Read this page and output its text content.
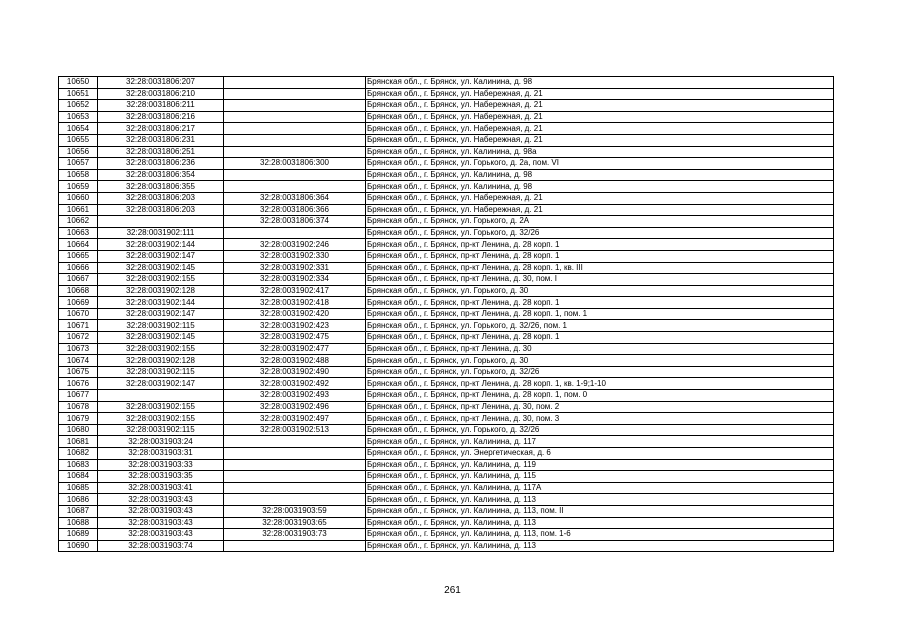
10650	32:28:0031806:207		Брянская обл., г. Брянск, ул. Калинина, д. 98
10651	32:28:0031806:210		Брянская обл., г. Брянск, ул. Набережная, д. 21
10652	32:28:0031806:211		Брянская обл., г. Брянск, ул. Набережная, д. 21
10653	32:28:0031806:216		Брянская обл., г. Брянск, ул. Набережная, д. 21
10654	32:28:0031806:217		Брянская обл., г. Брянск, ул. Набережная, д. 21
10655	32:28:0031806:231		Брянская обл., г. Брянск, ул. Набережная, д. 21
10656	32:28:0031806:251		Брянская обл., г. Брянск, ул. Калинина, д. 98а
10657	32:28:0031806:236	32:28:0031806:300	Брянская обл., г. Брянск, ул. Горького, д. 2а, пом. VI
10658	32:28:0031806:354		Брянская обл., г. Брянск, ул. Калинина, д. 98
10659	32:28:0031806:355		Брянская обл., г. Брянск, ул. Калинина, д. 98
10660	32:28:0031806:203	32:28:0031806:364	Брянская обл., г. Брянск, ул. Набережная, д. 21
10661	32:28:0031806:203	32:28:0031806:366	Брянская обл., г. Брянск, ул. Набережная, д. 21
10662		32:28:0031806:374	Брянская обл., г. Брянск, ул. Горького, д. 2А
10663	32:28:0031902:111		Брянская обл., г. Брянск, ул. Горького, д. 32/26
10664	32:28:0031902:144	32:28:0031902:246	Брянская обл., г. Брянск, пр-кт Ленина, д. 28 корп. 1
10665	32:28:0031902:147	32:28:0031902:330	Брянская обл., г. Брянск, пр-кт Ленина, д. 28 корп. 1
10666	32:28:0031902:145	32:28:0031902:331	Брянская обл., г. Брянск, пр-кт Ленина, д. 28 корп. 1, кв. III
10667	32:28:0031902:155	32:28:0031902:334	Брянская обл., г. Брянск, пр-кт Ленина, д. 30, пом. I
10668	32:28:0031902:128	32:28:0031902:417	Брянская обл., г. Брянск, ул. Горького, д. 30
10669	32:28:0031902:144	32:28:0031902:418	Брянская обл., г. Брянск, пр-кт Ленина, д. 28 корп. 1
10670	32:28:0031902:147	32:28:0031902:420	Брянская обл., г. Брянск, пр-кт Ленина, д. 28 корп. 1, пом. 1
10671	32:28:0031902:115	32:28:0031902:423	Брянская обл., г. Брянск, ул. Горького, д. 32/26, пом. 1
10672	32:28:0031902:145	32:28:0031902:475	Брянская обл., г. Брянск, пр-кт Ленина, д. 28 корп. 1
10673	32:28:0031902:155	32:28:0031902:477	Брянская обл., г. Брянск, пр-кт Ленина, д. 30
10674	32:28:0031902:128	32:28:0031902:488	Брянская обл., г. Брянск, ул. Горького, д. 30
10675	32:28:0031902:115	32:28:0031902:490	Брянская обл., г. Брянск, ул. Горького, д. 32/26
10676	32:28:0031902:147	32:28:0031902:492	Брянская обл., г. Брянск, пр-кт Ленина, д. 28 корп. 1, кв. 1-9;1-10
10677		32:28:0031902:493	Брянская обл., г. Брянск, пр-кт Ленина, д. 28 корп. 1, пом. 0
10678	32:28:0031902:155	32:28:0031902:496	Брянская обл., г. Брянск, пр-кт Ленина, д. 30, пом. 2
10679	32:28:0031902:155	32:28:0031902:497	Брянская обл., г. Брянск, пр-кт Ленина, д. 30, пом. 3
10680	32:28:0031902:115	32:28:0031902:513	Брянская обл., г. Брянск, ул. Горького, д. 32/26
10681	32:28:0031903:24		Брянская обл., г. Брянск, ул. Калинина, д. 117
10682	32:28:0031903:31		Брянская обл., г. Брянск, ул. Энергетическая, д. 6
10683	32:28:0031903:33		Брянская обл., г. Брянск, ул. Калинина, д. 119
10684	32:28:0031903:35		Брянская обл., г. Брянск, ул. Калинина, д. 115
10685	32:28:0031903:41		Брянская обл., г. Брянск, ул. Калинина, д. 117А
10686	32:28:0031903:43		Брянская обл., г. Брянск, ул. Калинина, д. 113
10687	32:28:0031903:43	32:28:0031903:59	Брянская обл., г. Брянск, ул. Калинина, д. 113, пом. II
10688	32:28:0031903:43	32:28:0031903:65	Брянская обл., г. Брянск, ул. Калинина, д. 113
10689	32:28:0031903:43	32:28:0031903:73	Брянская обл., г. Брянск, ул. Калинина, д. 113, пом. 1-6
10690	32:28:0031903:74		Брянская обл., г. Брянск, ул. Калинина, д. 113
261
